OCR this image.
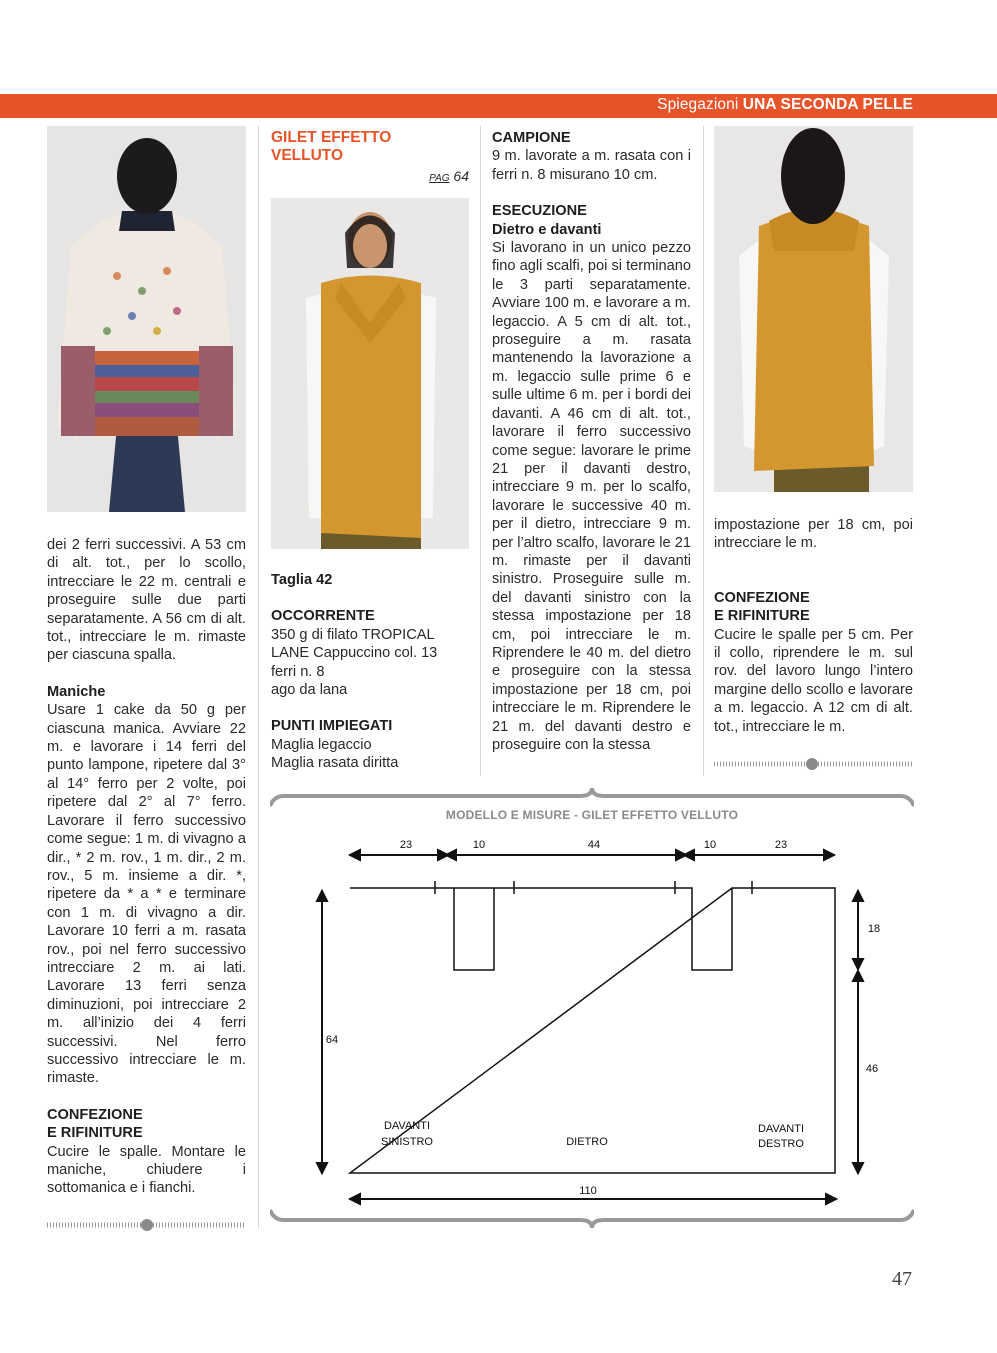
Spiegazioni UNA SECONDA PELLE

dei 2 ferri successivi. A 53 cm di alt. tot., per lo scollo, intrecciare le 22 m. centrali e proseguire sulle due parti separatamente. A 56 cm di alt. tot., intrecciare le m. rimaste per ciascuna spalla.

Maniche

Usare 1 cake da 50 g per ciascuna manica. Avviare 22 m. e lavorare i 14 ferri del punto lampone, ripetere dal 3° al 14° ferro per 2 volte, poi ripetere dal 2° al 7° ferro. Lavorare il ferro successivo come segue: 1 m. di vivagno a dir., * 2 m. rov., 1 m. dir., 2 m. rov., 5 m. insieme a dir. *, ripetere da * a * e terminare con 1 m. di vivagno a dir. Lavorare 10 ferri a m. rasata rov., poi nel ferro successivo intrecciare 2 m. ai lati. Lavorare 13 ferri senza diminuzioni, poi intrecciare 2 m. all’inizio dei 4 ferri successivi. Nel ferro successivo intrecciare le m. rimaste.

CONFEZIONE

E RIFINITURE

Cucire le spalle. Montare le maniche, chiudere i sottomanica e i fianchi.

GILET EFFETTO

VELLUTO

PAG 64

Taglia 42

OCCORRENTE

350 g di filato TROPICAL

LANE Cappuccino col. 13

ferri n. 8

ago da lana

PUNTI IMPIEGATI

Maglia legaccio

Maglia rasata diritta

CAMPIONE

9 m. lavorate a m. rasata con i ferri n. 8 misurano 10 cm.

ESECUZIONE

Dietro e davanti

Si lavorano in un unico pezzo fino agli scalfi, poi si terminano le 3 parti separatamente. Avviare 100 m. e lavorare a m. legaccio. A 5 cm di alt. tot., proseguire a m. rasata mantenendo la lavorazione a m. legaccio sulle prime 6 e sulle ultime 6 m. per i bordi dei davanti. A 46 cm di alt. tot., lavorare il ferro successivo come segue: lavorare le prime 21 per il davanti destro, intrecciare 9 m. per lo scalfo, lavorare le successive 40 m. per il dietro, intrecciare 9 m. per l’altro scalfo, lavorare le 21 m. rimaste per il davanti sinistro. Proseguire sulle m. del davanti sinistro con la stessa impostazione per 18 cm, poi intrecciare le m. Riprendere le 40 m. del dietro e proseguire con la stessa impostazione per 18 cm, poi intrecciare le m. Riprendere le 21 m. del davanti destro e proseguire con la stessa

impostazione per 18 cm, poi intrecciare le m.

CONFEZIONE

E RIFINITURE

Cucire le spalle per 5 cm. Per il collo, riprendere le m. sul rov. del lavoro lungo l’intero margine dello scollo e lavorare a m. legaccio. A 12 cm di alt. tot., intrecciare le m.

MODELLO E MISURE - GILET EFFETTO VELLUTO
23	10	44	10	23
64
18
46
110
DAVANTI
SINISTRO	DIETRO
DAVANTI
DESTRO
47
